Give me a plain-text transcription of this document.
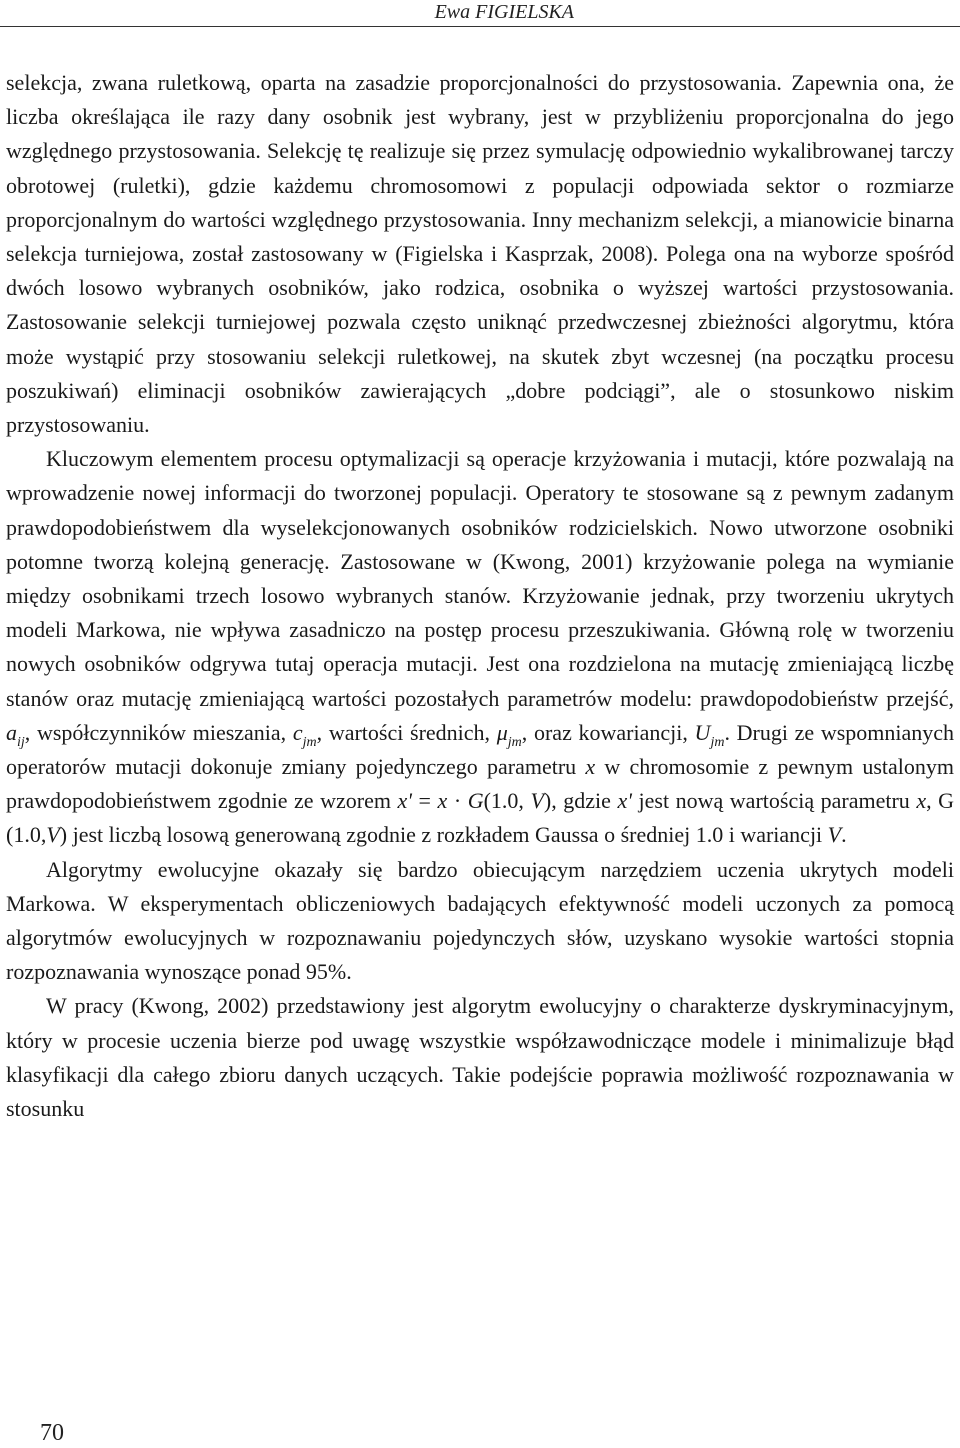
Ewa FIGIELSKA

selekcja, zwana ruletkową, oparta na zasadzie proporcjonalności do przystosowania. Zapewnia ona, że liczba określająca ile razy dany osobnik jest wybrany, jest w przybliżeniu proporcjonalna do jego względnego przystosowania. Selekcję tę realizuje się przez symulację odpowiednio wykalibrowanej tarczy obrotowej (ruletki), gdzie każdemu chromosomowi z populacji odpowiada sektor o rozmiarze proporcjonalnym do wartości względnego przystosowania. Inny mechanizm selekcji, a mianowicie binarna selekcja turniejowa, został zastosowany w (Figielska i Kasprzak, 2008). Polega ona na wyborze spośród dwóch losowo wybranych osobników, jako rodzica, osobnika o wyższej wartości przystosowania. Zastosowanie selekcji turniejowej pozwala często uniknąć przedwczesnej zbieżności algorytmu, która może wystąpić przy stosowaniu selekcji ruletkowej, na skutek zbyt wczesnej (na początku procesu poszukiwań) eliminacji osobników zawierających „dobre podciągi”, ale o stosunkowo niskim przystosowaniu.

Kluczowym elementem procesu optymalizacji są operacje krzyżowania i mutacji, które pozwalają na wprowadzenie nowej informacji do tworzonej populacji. Operatory te stosowane są z pewnym zadanym prawdopodobieństwem dla wyselekcjonowanych osobników rodzicielskich. Nowo utworzone osobniki potomne tworzą kolejną generację. Zastosowane w (Kwong, 2001) krzyżowanie polega na wymianie między osobnikami trzech losowo wybranych stanów. Krzyżowanie jednak, przy tworzeniu ukrytych modeli Markowa, nie wpływa zasadniczo na postęp procesu przeszukiwania. Główną rolę w tworzeniu nowych osobników odgrywa tutaj operacja mutacji. Jest ona rozdzielona na mutację zmieniającą liczbę stanów oraz mutację zmieniającą wartości pozostałych parametrów modelu: prawdopodobieństw przejść, $a_{ij}$, współczynników mieszania, $c_{jm}$, wartości średnich, $\mu_{jm}$, oraz kowariancji, $U_{jm}$. Drugi ze wspomnianych operatorów mutacji dokonuje zmiany pojedynczego parametru x w chromosomie z pewnym ustalonym prawdopodobieństwem zgodnie ze wzorem x' = x · G(1.0, V), gdzie x' jest nową wartością parametru x, G (1.0,V) jest liczbą losową generowaną zgodnie z rozkładem Gaussa o średniej 1.0 i wariancji V.

Algorytmy ewolucyjne okazały się bardzo obiecującym narzędziem uczenia ukrytych modeli Markowa. W eksperymentach obliczeniowych badających efektywność modeli uczonych za pomocą algorytmów ewolucyjnych w rozpoznawaniu pojedynczych słów, uzyskano wysokie wartości stopnia rozpoznawania wynoszące ponad 95%.

W pracy (Kwong, 2002) przedstawiony jest algorytm ewolucyjny o charakterze dyskryminacyjnym, który w procesie uczenia bierze pod uwagę wszystkie współzawodniczące modele i minimalizuje błąd klasyfikacji dla całego zbioru danych uczących. Takie podejście poprawia możliwość rozpoznawania w stosunku

70
